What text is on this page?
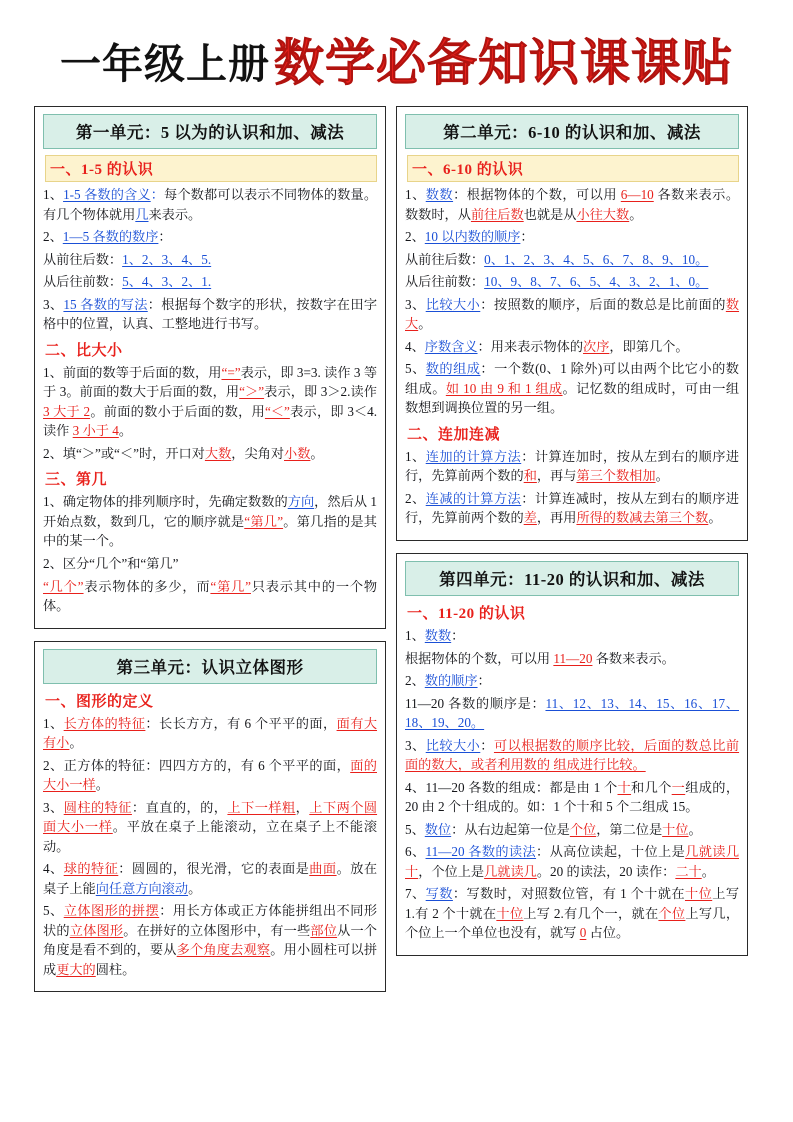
一年级上册 数学必备知识课课贴
第一单元：5 以为的认识和加、减法
一、1-5 的认识

1、1-5 各数的含义：每个数都可以表示不同物体的数量。有几个物体就用几来表示。

2、1—5 各数的数序：

从前往后数：1、2、3、4、5.

从后往前数：5、4、3、2、1.

3、15 各数的写法：根据每个数字的形状，按数字在田字格中的位置，认真、工整地进行书写。

二、比大小

1、前面的数等于后面的数，用“=”表示，即 3=3. 读作 3 等于 3。前面的数大于后面的数，用“＞”表示，即 3＞2.读作 3 大于 2。前面的数小于后面的数，用“＜”表示，即 3＜4.读作 3 小于 4。

2、填“＞”或“＜”时，开口对大数，尖角对小数。

三、第几

1、确定物体的排列顺序时，先确定数数的方向，然后从 1 开始点数，数到几，它的顺序就是“第几”。第几指的是其中的某一个。

2、区分“几个”和“第几”

“几个”表示物体的多少，而“第几”只表示其中的一个物体。

第三单元：认识立体图形
一、图形的定义

1、长方体的特征：长长方方，有 6 个平平的面，面有大有小。

2、正方体的特征：四四方方的，有 6 个平平的面，面的大小一样。

3、圆柱的特征：直直的，的，上下一样粗，上下两个圆面大小一样。平放在桌子上能滚动，立在桌子上不能滚动。

4、球的特征：圆圆的，很光滑，它的表面是曲面。放在桌子上能向任意方向滚动。

5、立体图形的拼摆：用长方体或正方体能拼组出不同形状的立体图形。在拼好的立体图形中，有一些部位从一个角度是看不到的，要从多个角度去观察。用小圆柱可以拼成更大的圆柱。

第二单元：6-10 的认识和加、减法
一、6-10 的认识

1、数数：根据物体的个数，可以用 6—10 各数来表示。数数时，从前往后数也就是从小往大数。

2、10 以内数的顺序：

从前往后数：0、1、2、3、4、5、6、7、8、9、10。

从后往前数：10、9、8、7、6、5、4、3、2、1、0。

3、比较大小：按照数的顺序，后面的数总是比前面的数大。

4、序数含义：用来表示物体的次序，即第几个。

5、数的组成：一个数(0、1 除外)可以由两个比它小的数组成。如 10 由 9 和 1 组成。记忆数的组成时，可由一组数想到调换位置的另一组。

二、连加连减

1、连加的计算方法：计算连加时，按从左到右的顺序进行，先算前两个数的和，再与第三个数相加。

2、连减的计算方法：计算连减时，按从左到右的顺序进行，先算前两个数的差，再用所得的数减去第三个数。

第四单元：11-20 的认识和加、减法
一、11-20 的认识

1、数数：

根据物体的个数，可以用 11—20 各数来表示。

2、数的顺序：

11—20 各数的顺序是：11、12、13、14、15、16、17、18、19、20。

3、比较大小：可以根据数的顺序比较，后面的数总比前面的数大，或者利用数的 组成进行比较。

4、11—20 各数的组成：都是由 1 个十和几个一组成的，20 由 2 个十组成的。如：1 个十和 5 个二组成 15。

5、数位：从右边起第一位是个位，第二位是十位。

6、11—20 各数的读法：从高位读起，十位上是几就读几十，个位上是几就读几。20 的读法，20 读作：二十。

7、写数：写数时，对照数位管，有 1 个十就在十位上写 1.有 2 个十就在十位上写 2.有几个一，就在个位上写几，个位上一个单位也没有，就写 0 占位。
